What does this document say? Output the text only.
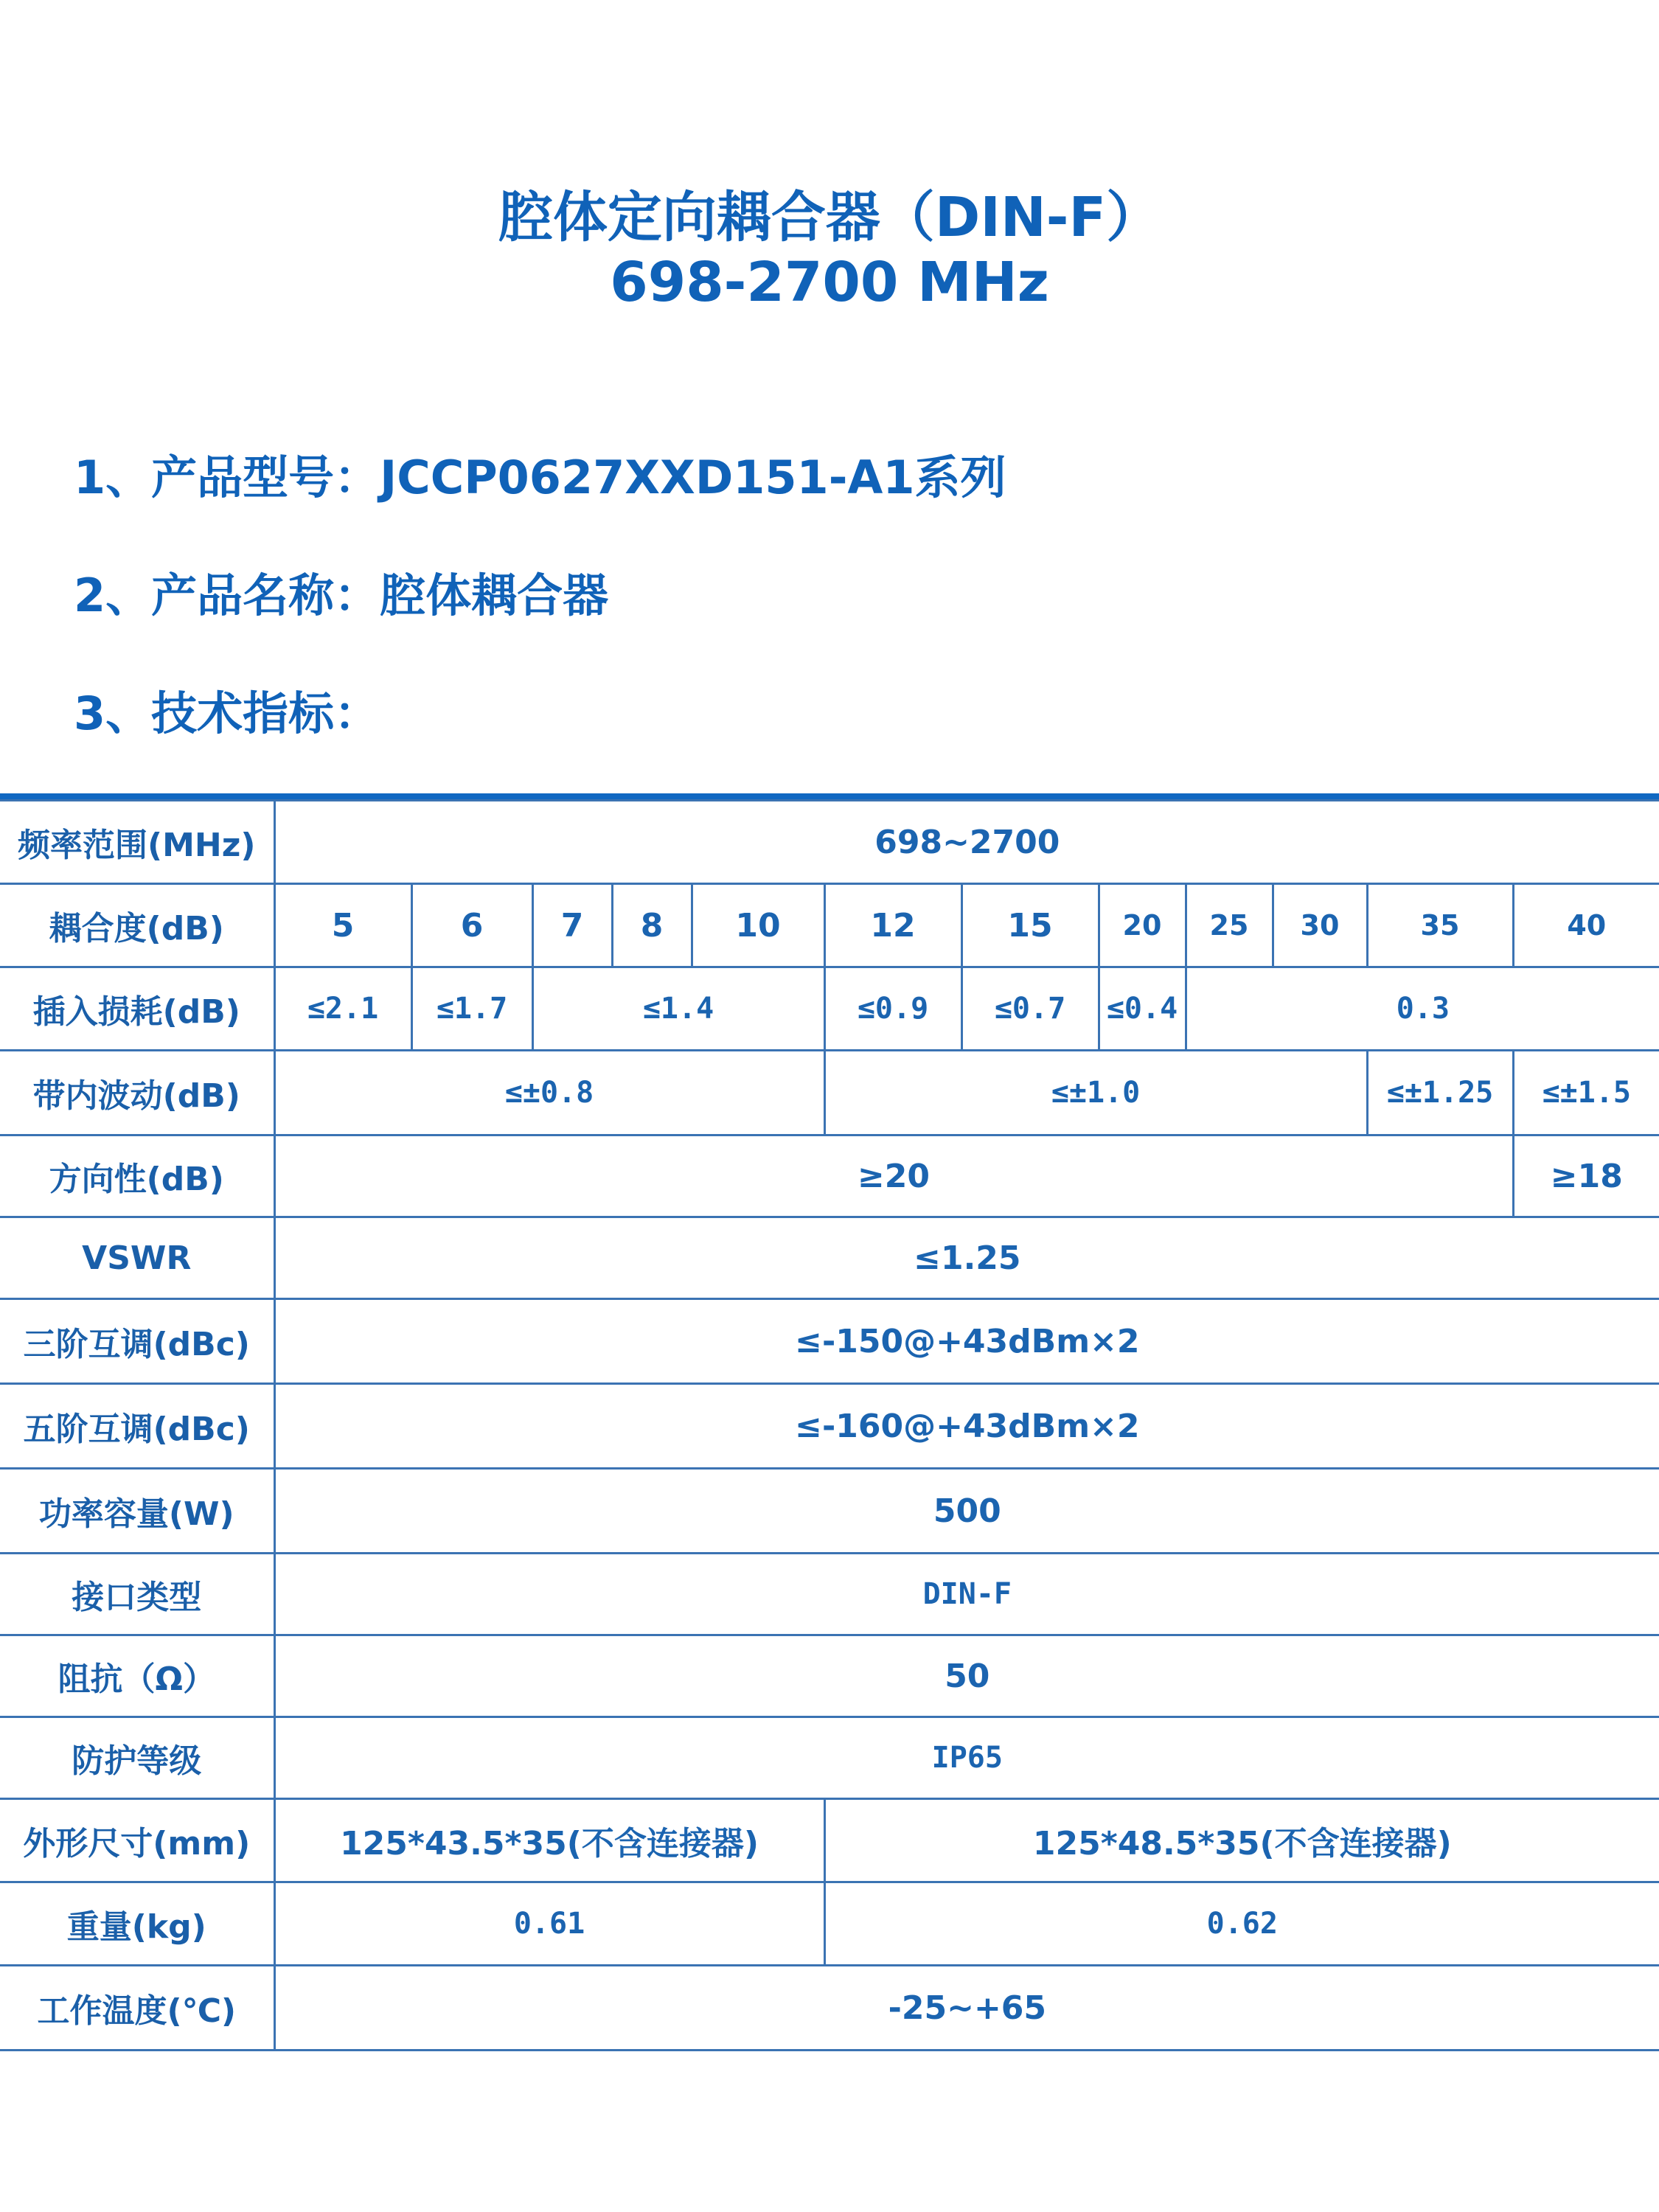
腔体定向耦合器（DIN-F）
698-2700 MHz
1、产品型号：JCCP0627XXD151-A1系列
2、产品名称：腔体耦合器
3、技术指标：
频率范围(MHz)	698~2700											
耦合度(dB)	5	6	7	8	10	12	15	20	25	30	35	40
插入损耗(dB)	≤2.1	≤1.7	≤1.4			≤0.9	≤0.7	≤0.4	0.3			
带内波动(dB)	≤±0.8					≤±1.0					≤±1.25	≤±1.5
方向性(dB)	≥20											≥18
VSWR	≤1.25											
三阶互调(dBc)	≤-150@+43dBm×2											
五阶互调(dBc)	≤-160@+43dBm×2											
功率容量(W)	500											
接口类型	DIN-F											
阻抗（Ω）	50											
防护等级	IP65											
外形尺寸(mm)	125*43.5*35(不含连接器)					125*48.5*35(不含连接器)						
重量(kg)	0.61					0.62						
工作温度(℃)	-25~+65											
